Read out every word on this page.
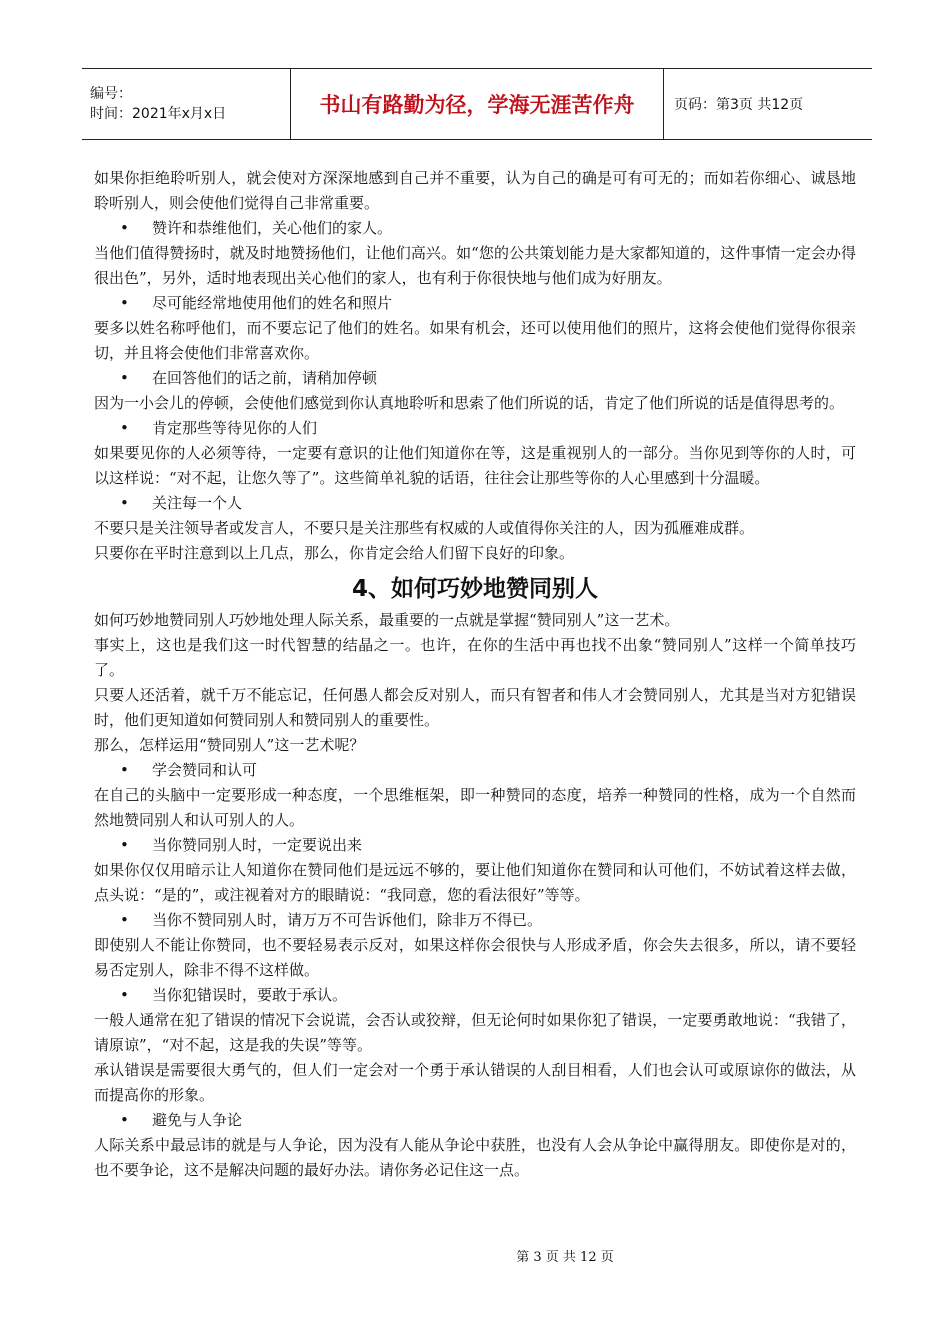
编号：
时间：2021年x月x日	书山有路勤为径，学海无涯苦作舟	页码：第3页 共12页

如果你拒绝聆听别人，就会使对方深深地感到自己并不重要，认为自己的确是可有可无的；而如若你细心、诚恳地聆听别人，则会使他们觉得自己非常重要。

•	赞许和恭维他们，关心他们的家人。

当他们值得赞扬时，就及时地赞扬他们，让他们高兴。如“您的公共策划能力是大家都知道的，这件事情一定会办得很出色”，另外，适时地表现出关心他们的家人，也有利于你很快地与他们成为好朋友。

•	尽可能经常地使用他们的姓名和照片

要多以姓名称呼他们，而不要忘记了他们的姓名。如果有机会，还可以使用他们的照片，这将会使他们觉得你很亲切，并且将会使他们非常喜欢你。

•	在回答他们的话之前，请稍加停顿

因为一小会儿的停顿，会使他们感觉到你认真地聆听和思索了他们所说的话，肯定了他们所说的话是值得思考的。

•	肯定那些等待见你的人们

如果要见你的人必须等待，一定要有意识的让他们知道你在等，这是重视别人的一部分。当你见到等你的人时，可以这样说：“对不起，让您久等了”。这些简单礼貌的话语，往往会让那些等你的人心里感到十分温暖。

•	关注每一个人

不要只是关注领导者或发言人，不要只是关注那些有权威的人或值得你关注的人，因为孤雁难成群。

只要你在平时注意到以上几点，那么，你肯定会给人们留下良好的印象。

4、如何巧妙地赞同别人

如何巧妙地赞同别人巧妙地处理人际关系，最重要的一点就是掌握“赞同别人”这一艺术。

事实上，这也是我们这一时代智慧的结晶之一。也许，在你的生活中再也找不出象“赞同别人”这样一个简单技巧了。

只要人还活着，就千万不能忘记，任何愚人都会反对别人，而只有智者和伟人才会赞同别人，尤其是当对方犯错误时，他们更知道如何赞同别人和赞同别人的重要性。

那么，怎样运用“赞同别人”这一艺术呢？

•	学会赞同和认可

在自己的头脑中一定要形成一种态度，一个思维框架，即一种赞同的态度，培养一种赞同的性格，成为一个自然而然地赞同别人和认可别人的人。

•	当你赞同别人时，一定要说出来

如果你仅仅用暗示让人知道你在赞同他们是远远不够的，要让他们知道你在赞同和认可他们，不妨试着这样去做，点头说：“是的”，或注视着对方的眼睛说：“我同意，您的看法很好”等等。

•	当你不赞同别人时，请万万不可告诉他们，除非万不得已。

即使别人不能让你赞同，也不要轻易表示反对，如果这样你会很快与人形成矛盾，你会失去很多，所以，请不要轻易否定别人，除非不得不这样做。

•	当你犯错误时，要敢于承认。

一般人通常在犯了错误的情况下会说谎，会否认或狡辩，但无论何时如果你犯了错误，一定要勇敢地说：“我错了，请原谅”，“对不起，这是我的失误”等等。

承认错误是需要很大勇气的，但人们一定会对一个勇于承认错误的人刮目相看，人们也会认可或原谅你的做法，从而提高你的形象。

•	避免与人争论

人际关系中最忌讳的就是与人争论，因为没有人能从争论中获胜，也没有人会从争论中赢得朋友。即使你是对的，也不要争论，这不是解决问题的最好办法。请你务必记住这一点。

第 3 页 共 12 页
